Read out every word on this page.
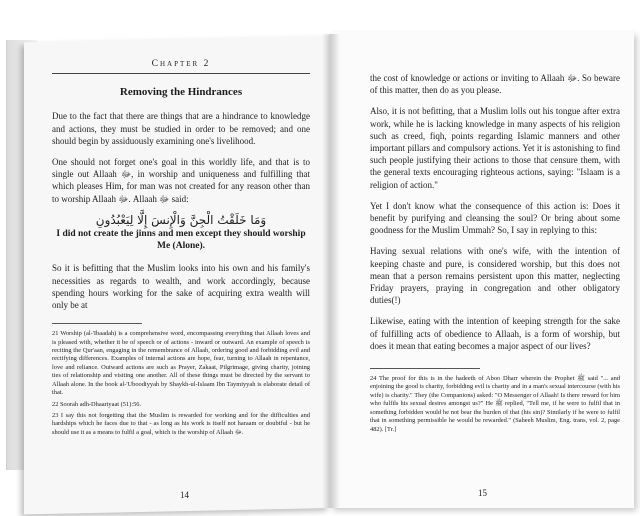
Chapter 2
Removing the Hindrances

Due to the fact that there are things that are a hindrance to knowledge and actions, they must be studied in order to be removed; and one should begin by assiduously examining one's livelihood.

One should not forget one's goal in this worldly life, and that is to single out Allaah ﷻ, in worship and uniqueness and fulfilling that which pleases Him, for man was not created for any reason other than to worship Allaah ﷻ. Allaah ﷻ said:

وَمَا خَلَقْتُ الْجِنَّ وَالْإِنسَ إِلَّا لِيَعْبُدُونِ
I did not create the jinns and men except they should worship Me (Alone).

So it is befitting that the Muslim looks into his own and his family's necessities as regards to wealth, and work accordingly, because spending hours working for the sake of acquiring extra wealth will only be at

21 Worship (al-'Ibaadah) is a comprehensive word, encompassing everything that Allaah loves and is pleased with, whether it be of speech or of actions - inward or outward. An example of speech is reciting the Qur'aan, engaging in the remembrance of Allaah, ordering good and forbidding evil and rectifying differences. Examples of internal actions are hope, fear, turning to Allaah in repentance, love and reliance. Outward actions are such as Prayer, Zakaat, Pilgrimage, giving charity, joining ties of relationship and visiting one another. All of these things must be directed by the servant to Allaah alone. In the book al-'Uboodiyyah by Shaykh-ul-Islaam Ibn Taymiyyah is elaborate detail of that.
22 Soorah adh-Dhaariyaat (51):56.
23 I say this not forgetting that the Muslim is rewarded for working and for the difficulties and hardships which he faces due to that - as long as his work is itself not haraam or doubtful - but he should use it as a means to fulfil a goal, which is the worship of Allaah ﷻ.
14

the cost of knowledge or actions or inviting to Allaah ﷻ. So beware of this matter, then do as you please.

Also, it is not befitting, that a Muslim lolls out his tongue after extra work, while he is lacking knowledge in many aspects of his religion such as creed, fiqh, points regarding Islamic manners and other important pillars and compulsory actions. Yet it is astonishing to find such people justifying their actions to those that censure them, with the general texts encouraging righteous actions, saying: "Islaam is a religion of action."

Yet I don't know what the consequence of this action is: Does it benefit by purifying and cleansing the soul? Or bring about some goodness for the Muslim Ummah? So, I say in replying to this:

Having sexual relations with one's wife, with the intention of keeping chaste and pure, is considered worship, but this does not mean that a person remains persistent upon this matter, neglecting Friday prayers, praying in congregation and other obligatory duties(!)

Likewise, eating with the intention of keeping strength for the sake of fulfilling acts of obedience to Allaah, is a form of worship, but does it mean that eating becomes a major aspect of our lives?

24 The proof for this is in the hadeeth of Aboo Dharr wherein the Prophet ﷺ said "... and enjoining the good is charity, forbidding evil is charity and in a man's sexual intercourse (with his wife) is charity." They (the Companions) asked: "O Messenger of Allaah! Is there reward for him who fulfils his sexual desires amongst us?" He ﷺ replied, "Tell me, if he were to fulfil that in something forbidden would he not bear the burden of that (his sin)? Similarly if he were to fulfil that in something permissible he would be rewarded." (Saheeh Muslim, Eng. trans, vol. 2, page 482). [Tr.]
15
